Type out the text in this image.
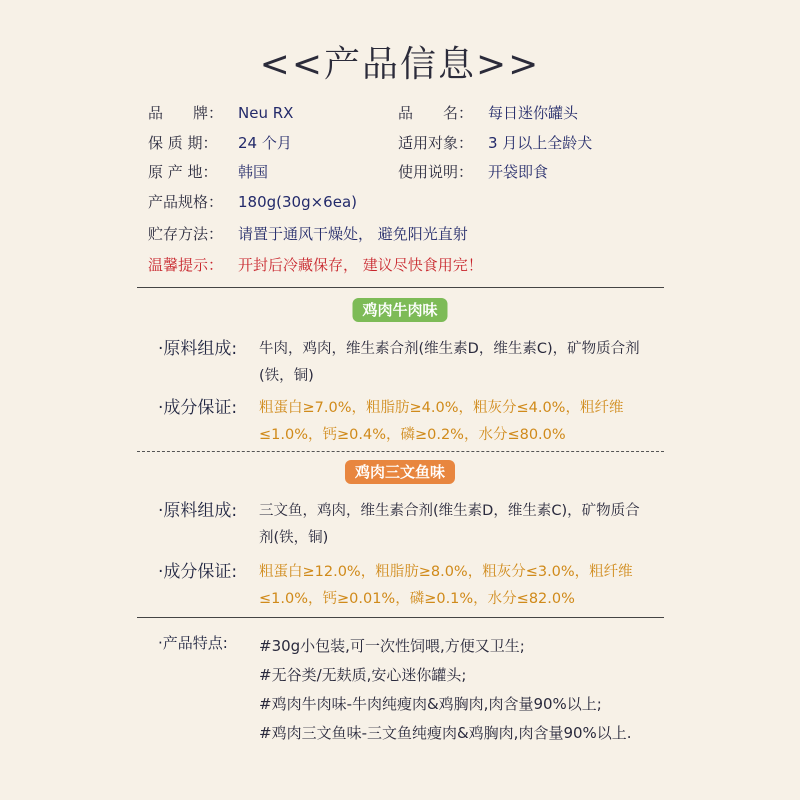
<<产品信息>>
品　　牌： Neu RX	品　　名： 每日迷你罐头
保 质 期： 24 个月	适用对象： 3 月以上全龄犬
原 产 地： 韩国	使用说明： 开袋即食
产品规格： 180g(30g×6ea)
贮存方法： 请置于通风干燥处， 避免阳光直射
温馨提示： 开封后冷藏保存， 建议尽快食用完！
鸡肉牛肉味
·原料组成: 牛肉，鸡肉，维生素合剂(维生素D，维生素C)，矿物质合剂(铁，铜)
·成分保证: 粗蛋白≥7.0%，粗脂肪≥4.0%，粗灰分≤4.0%，粗纤维≤1.0%，钙≥0.4%，磷≥0.2%，水分≤80.0%
鸡肉三文鱼味
·原料组成: 三文鱼，鸡肉，维生素合剂(维生素D，维生素C)，矿物质合剂(铁，铜)
·成分保证: 粗蛋白≥12.0%，粗脂肪≥8.0%，粗灰分≤3.0%，粗纤维≤1.0%，钙≥0.01%，磷≥0.1%，水分≤82.0%
·产品特点: #30g小包装,可一次性饲喂,方便又卫生;
#无谷类/无麸质,安心迷你罐头;
#鸡肉牛肉味-牛肉纯瘦肉&鸡胸肉,肉含量90%以上;
#鸡肉三文鱼味-三文鱼纯瘦肉&鸡胸肉,肉含量90%以上.
